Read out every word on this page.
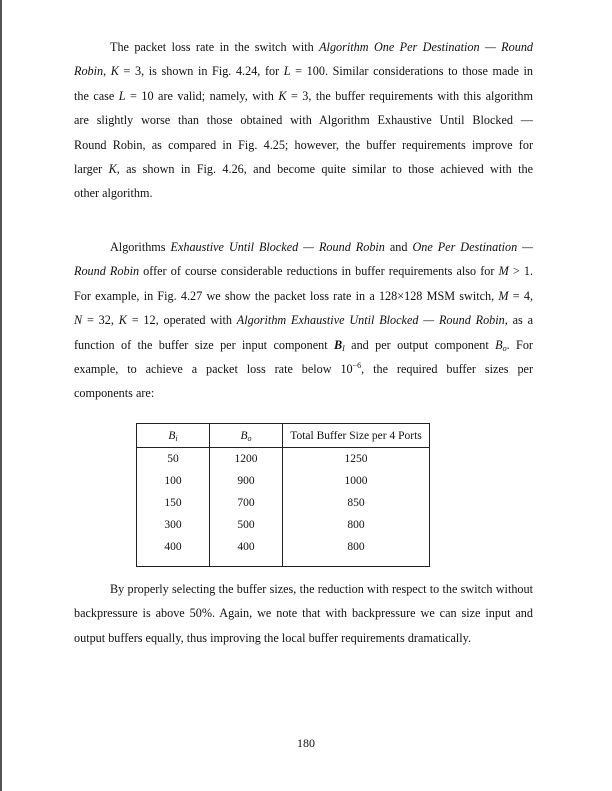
The packet loss rate in the switch with Algorithm One Per Destination — Round
Robin, K = 3, is shown in Fig. 4.24, for L = 100. Similar considerations to those made in
the case L = 10 are valid; namely, with K = 3, the buffer requirements with this algorithm
are slightly worse than those obtained with Algorithm Exhaustive Until Blocked —
Round Robin, as compared in Fig. 4.25; however, the buffer requirements improve for
larger K, as shown in Fig. 4.26, and become quite similar to those achieved with the
other algorithm.
Algorithms Exhaustive Until Blocked — Round Robin and One Per Destination —
Round Robin offer of course considerable reductions in buffer requirements also for M > 1.
For example, in Fig. 4.27 we show the packet loss rate in a 128×128 MSM switch, M = 4,
N = 32, K = 12, operated with Algorithm Exhaustive Until Blocked — Round Robin, as a
function of the buffer size per input component $B_I$ and per output component $B_o$. For
example, to achieve a packet loss rate below $10^{-6}$, the required buffer sizes per
components are:
By properly selecting the buffer sizes, the reduction with respect to the switch without
backpressure is above 50%. Again, we note that with backpressure we can size input and
output buffers equally, thus improving the local buffer requirements dramatically.
$B_i$	$B_o$	Total Buffer Size per 4 Ports
50	1200	1250
100	900	1000
150	700	850
300	500	800
400	400	800

180
